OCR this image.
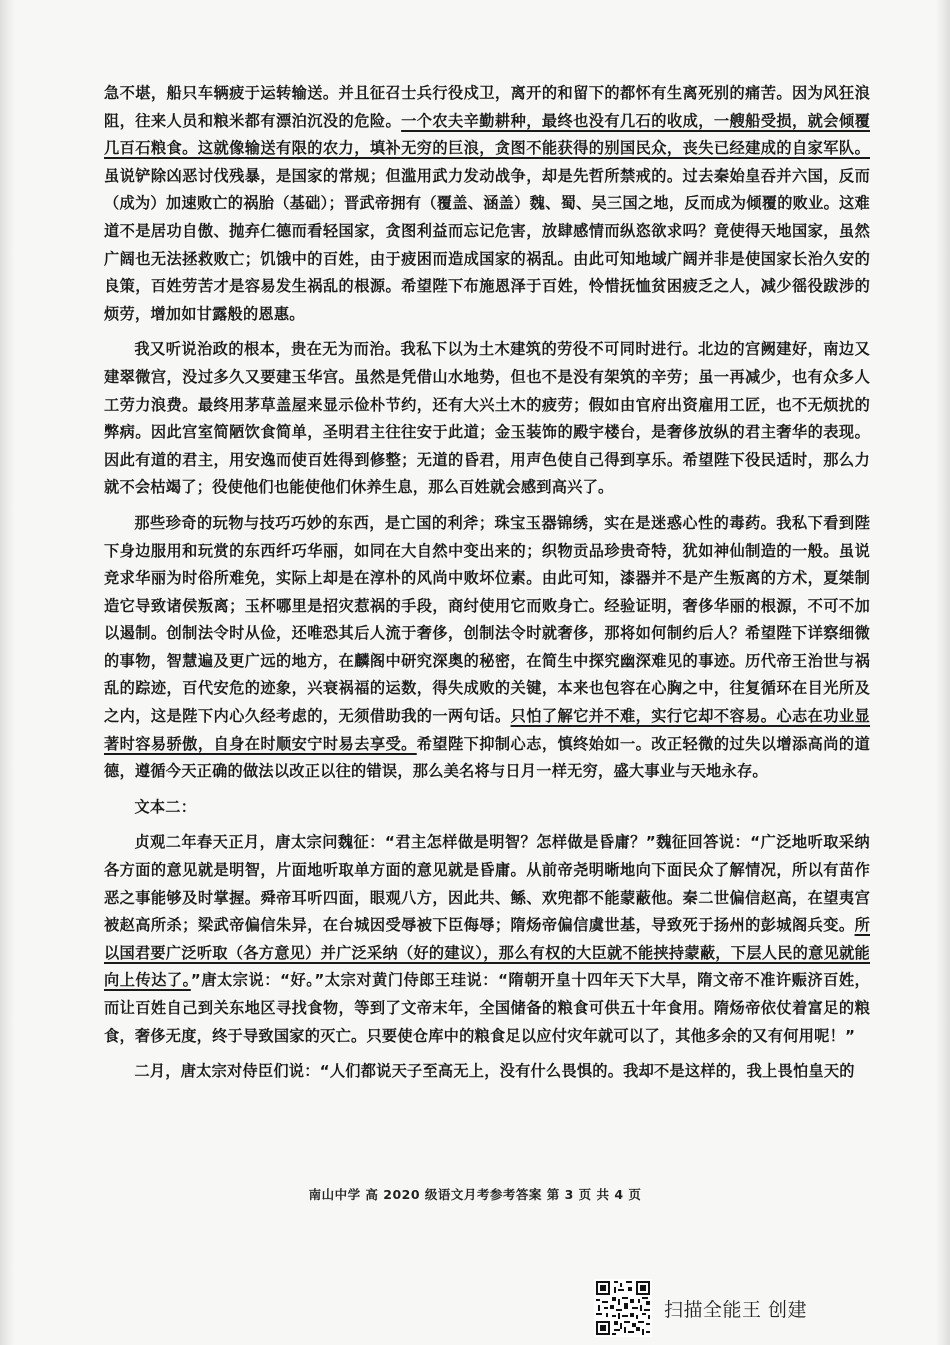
急不堪，船只车辆疲于运转输送。并且征召士兵行役戍卫，离开的和留下的都怀有生离死别的痛苦。因为风狂浪阻，往来人员和粮米都有漂泊沉没的危险。一个农夫辛勤耕种，最终也没有几石的收成，一艘船受损，就会倾覆几百石粮食。这就像输送有限的农力，填补无穷的巨浪，贪图不能获得的别国民众，丧失已经建成的自家军队。虽说铲除凶恶讨伐残暴，是国家的常规；但滥用武力发动战争，却是先哲所禁戒的。过去秦始皇吞并六国，反而（成为）加速败亡的祸胎（基础）；晋武帝拥有（覆盖、涵盖）魏、蜀、吴三国之地，反而成为倾覆的败业。这难道不是居功自傲、抛弃仁德而看轻国家，贪图利益而忘记危害，放肆感情而纵恣欲求吗？竟使得天地国家，虽然广阔也无法拯救败亡；饥饿中的百姓，由于疲困而造成国家的祸乱。由此可知地域广阔并非是使国家长治久安的良策，百姓劳苦才是容易发生祸乱的根源。希望陛下布施恩泽于百姓，怜惜抚恤贫困疲乏之人，减少徭役跋涉的烦劳，增加如甘露般的恩惠。

我又听说治政的根本，贵在无为而治。我私下以为土木建筑的劳役不可同时进行。北边的宫阙建好，南边又建翠微宫，没过多久又要建玉华宫。虽然是凭借山水地势，但也不是没有架筑的辛劳；虽一再减少，也有众多人工劳力浪费。最终用茅草盖屋来显示俭朴节约，还有大兴土木的疲劳；假如由官府出资雇用工匠，也不无烦扰的弊病。因此宫室简陋饮食简单，圣明君主往往安于此道；金玉装饰的殿宇楼台，是奢侈放纵的君主奢华的表现。因此有道的君主，用安逸而使百姓得到修整；无道的昏君，用声色使自己得到享乐。希望陛下役民适时，那么力就不会枯竭了；役使他们也能使他们休养生息，那么百姓就会感到高兴了。

那些珍奇的玩物与技巧巧妙的东西，是亡国的利斧；珠宝玉器锦绣，实在是迷惑心性的毒药。我私下看到陛下身边服用和玩赏的东西纤巧华丽，如同在大自然中变出来的；织物贡品珍贵奇特，犹如神仙制造的一般。虽说竞求华丽为时俗所难免，实际上却是在淳朴的风尚中败坏位素。由此可知，漆器并不是产生叛离的方术，夏桀制造它导致诸侯叛离；玉杯哪里是招灾惹祸的手段，商纣使用它而败身亡。经验证明，奢侈华丽的根源，不可不加以遏制。创制法令时从俭，还唯恐其后人流于奢侈，创制法令时就奢侈，那将如何制约后人？希望陛下详察细微的事物，智慧遍及更广远的地方，在麟阁中研究深奥的秘密，在简生中探究幽深难见的事迹。历代帝王治世与祸乱的踪迹，百代安危的迹象，兴衰祸福的运数，得失成败的关键，本来也包容在心胸之中，往复循环在目光所及之内，这是陛下内心久经考虑的，无须借助我的一两句话。只怕了解它并不难，实行它却不容易。心志在功业显著时容易骄傲，自身在时顺安宁时易去享受。希望陛下抑制心志，慎终始如一。改正轻微的过失以增添高尚的道德，遵循今天正确的做法以改正以往的错误，那么美名将与日月一样无穷，盛大事业与天地永存。

文本二：

贞观二年春天正月，唐太宗问魏征：“君主怎样做是明智？怎样做是昏庸？”魏征回答说：“广泛地听取采纳各方面的意见就是明智，片面地听取单方面的意见就是昏庸。从前帝尧明晰地向下面民众了解情况，所以有苗作恶之事能够及时掌握。舜帝耳听四面，眼观八方，因此共、鲧、欢兜都不能蒙蔽他。秦二世偏信赵高，在望夷宫被赵高所杀；梁武帝偏信朱异，在台城因受辱被下臣侮辱；隋炀帝偏信虞世基，导致死于扬州的彭城阁兵变。所以国君要广泛听取（各方意见）并广泛采纳（好的建议），那么有权的大臣就不能挟持蒙蔽，下层人民的意见就能向上传达了。”唐太宗说：“好。”太宗对黄门侍郎王珪说：“隋朝开皇十四年天下大旱，隋文帝不准许赈济百姓，而让百姓自己到关东地区寻找食物，等到了文帝末年，全国储备的粮食可供五十年食用。隋炀帝依仗着富足的粮食，奢侈无度，终于导致国家的灭亡。只要使仓库中的粮食足以应付灾年就可以了，其他多余的又有何用呢！”

二月，唐太宗对侍臣们说：“人们都说天子至高无上，没有什么畏惧的。我却不是这样的，我上畏怕皇天的

南山中学 高 2020 级语文月考参考答案 第 3 页 共 4 页
扫描全能王 创建
